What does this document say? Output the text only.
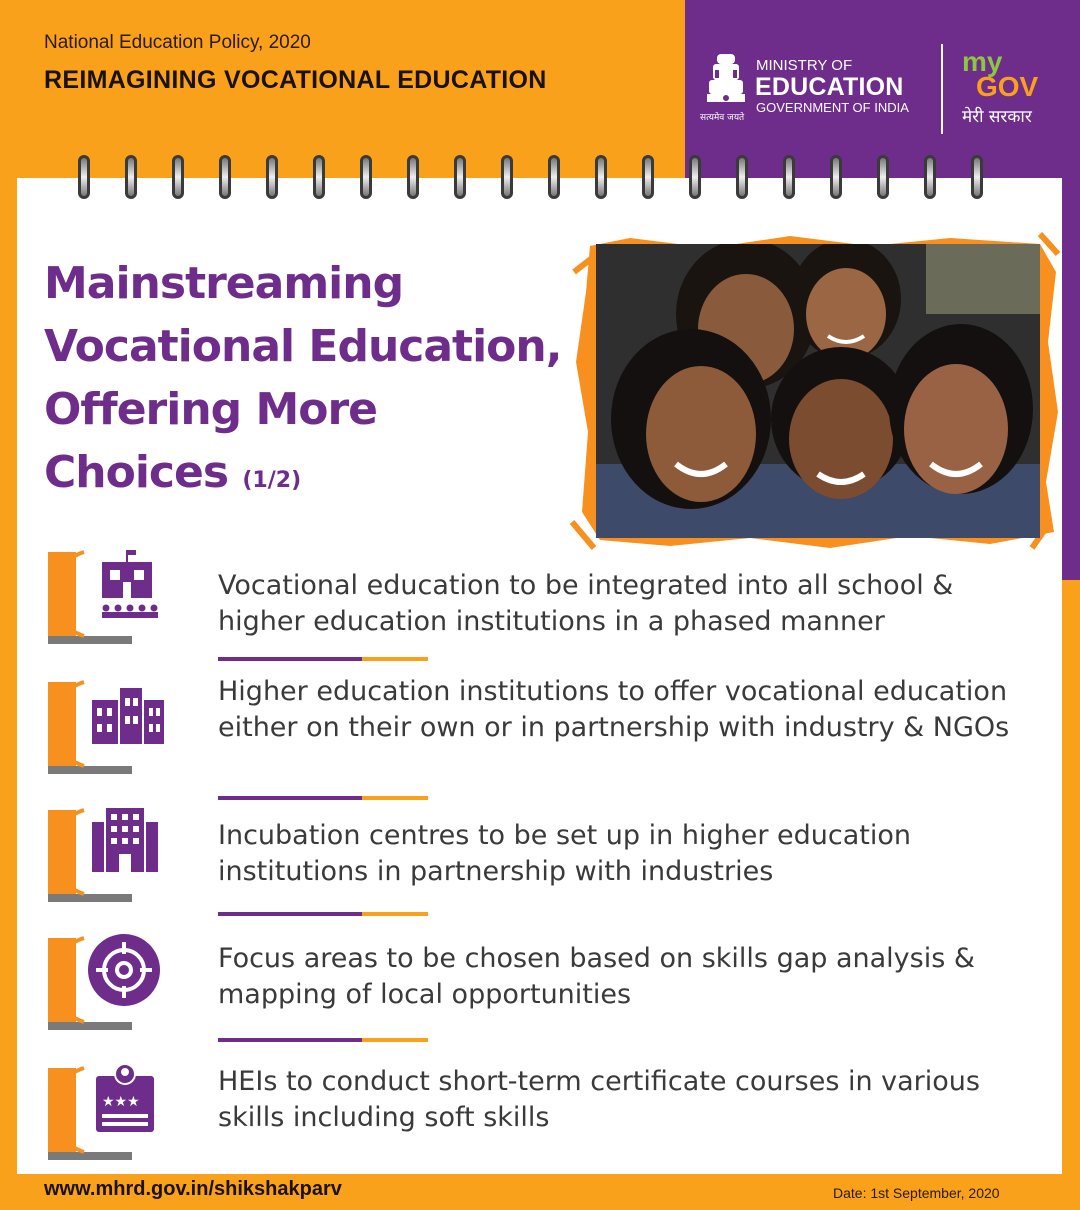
National Education Policy, 2020
REIMAGINING VOCATIONAL EDUCATION
सत्यमेव जयते
MINISTRY OF
EDUCATION
GOVERNMENT OF INDIA
my
GOV
मेरी सरकार
Mainstreaming
Vocational Education,
Offering More
Choices (1/2)
Vocational education to be integrated into all school & higher education institutions in a phased manner
Higher education institutions to offer vocational education either on their own or in partnership with industry & NGOs
Incubation centres to be set up in higher education institutions in partnership with industries
Focus areas to be chosen based on skills gap analysis & mapping of local opportunities
★★★
HEIs to conduct short-term certificate courses in various skills including soft skills
www.mhrd.gov.in/shikshakparv	Date: 1st September, 2020
